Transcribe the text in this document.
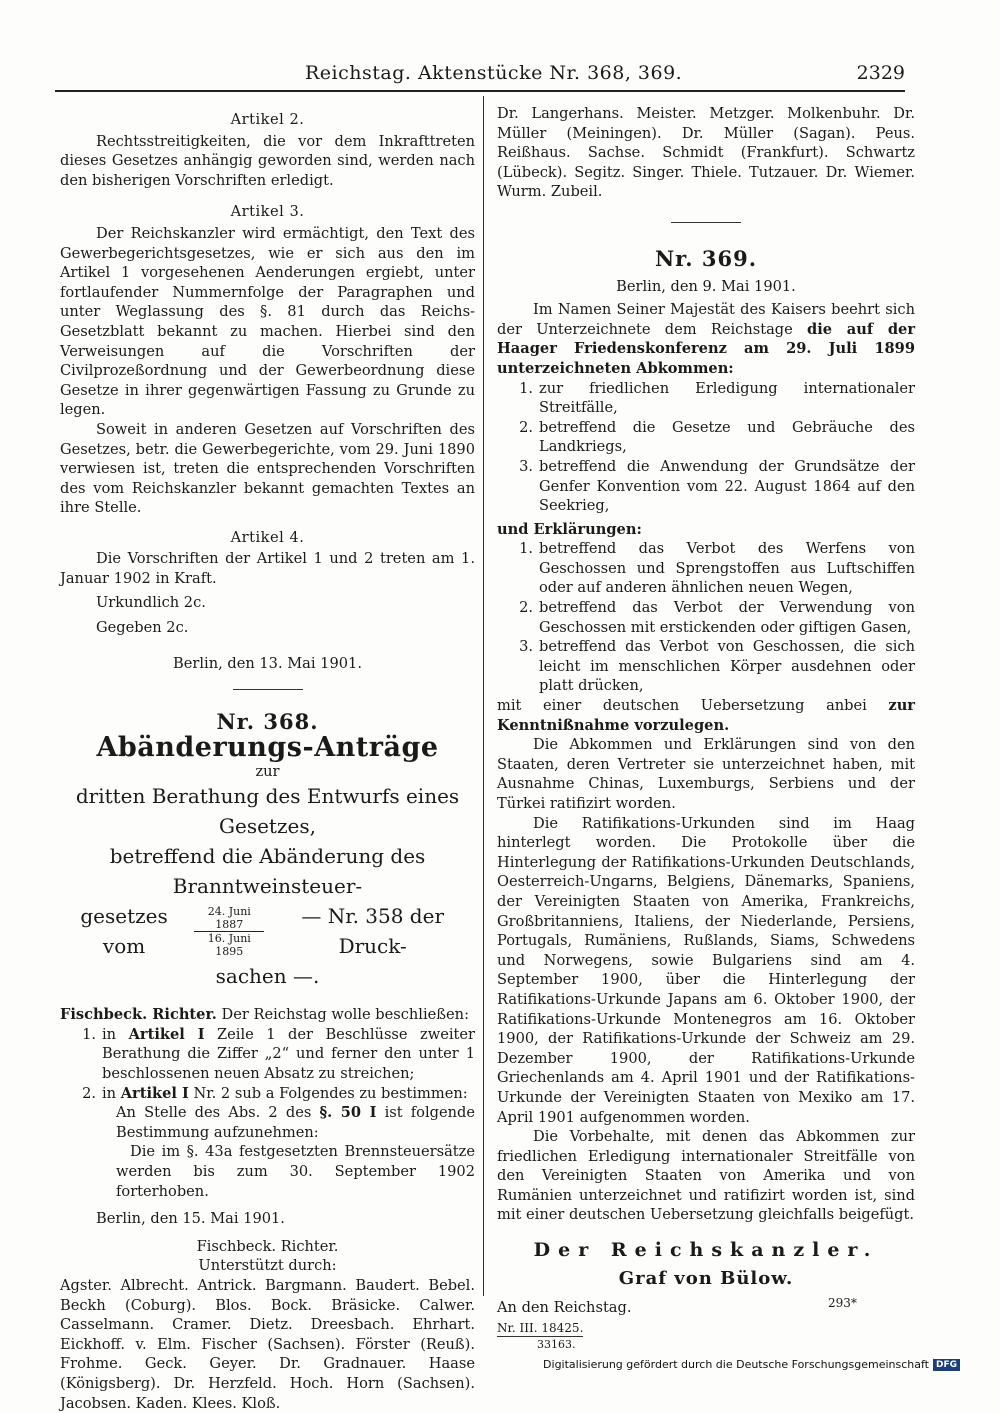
Reichstag. Aktenstücke Nr. 368, 369.	2329
Artikel 2.

Rechtsstreitigkeiten, die vor dem Inkrafttreten dieses Gesetzes anhängig geworden sind, werden nach den bisherigen Vorschriften erledigt.

Artikel 3.

Der Reichskanzler wird ermächtigt, den Text des Gewerbegerichtsgesetzes, wie er sich aus den im Artikel 1 vorgesehenen Aenderungen ergiebt, unter fortlaufender Nummernfolge der Paragraphen und unter Weglassung des §. 81 durch das Reichs-Gesetzblatt bekannt zu machen. Hierbei sind den Verweisungen auf die Vorschriften der Civilprozeßordnung und der Gewerbeordnung diese Gesetze in ihrer gegenwärtigen Fassung zu Grunde zu legen.

Soweit in anderen Gesetzen auf Vorschriften des Gesetzes, betr. die Gewerbegerichte, vom 29. Juni 1890 verwiesen ist, treten die entsprechenden Vorschriften des vom Reichskanzler bekannt gemachten Textes an ihre Stelle.

Artikel 4.

Die Vorschriften der Artikel 1 und 2 treten am 1. Januar 1902 in Kraft.

Urkundlich 2c.

Gegeben 2c.

Berlin, den 13. Mai 1901.

Nr. 368.
Abänderungs-Anträge
zur
dritten Berathung des Entwurfs eines Gesetzes,
betreffend die Abänderung des Branntweinsteuer-
gesetzes vom
24. Juni 1887
16. Juni 1895
— Nr. 358 der Druck-
sachen —.

Fischbeck. Richter. Der Reichstag wolle beschließen:

1. in Artikel I Zeile 1 der Beschlüsse zweiter Berathung die Ziffer „2“ und ferner den unter 1 beschlossenen neuen Absatz zu streichen;
2. in Artikel I Nr. 2 sub a Folgendes zu bestimmen:

An Stelle des Abs. 2 des §. 50 I ist folgende Bestimmung aufzunehmen:

Die im §. 43a festgesetzten Brennsteuersätze werden bis zum 30. September 1902 forterhoben.

Berlin, den 15. Mai 1901.

Fischbeck. Richter.

Unterstützt durch:

Agster. Albrecht. Antrick. Bargmann. Baudert. Bebel. Beckh (Coburg). Blos. Bock. Bräsicke. Calwer. Casselmann. Cramer. Dietz. Dreesbach. Ehrhart. Eickhoff. v. Elm. Fischer (Sachsen). Förster (Reuß). Frohme. Geck. Geyer. Dr. Gradnauer. Haase (Königsberg). Dr. Herzfeld. Hoch. Horn (Sachsen). Jacobsen. Kaden. Klees. Kloß.

Dr. Langerhans. Meister. Metzger. Molkenbuhr. Dr. Müller (Meiningen). Dr. Müller (Sagan). Peus. Reißhaus. Sachse. Schmidt (Frankfurt). Schwartz (Lübeck). Segitz. Singer. Thiele. Tutzauer. Dr. Wiemer. Wurm. Zubeil.

Nr. 369.

Berlin, den 9. Mai 1901.

Im Namen Seiner Majestät des Kaisers beehrt sich der Unterzeichnete dem Reichstage die auf der Haager Friedenskonferenz am 29. Juli 1899 unterzeichneten Abkommen:

1. zur friedlichen Erledigung internationaler Streitfälle,
2. betreffend die Gesetze und Gebräuche des Landkriegs,
3. betreffend die Anwendung der Grundsätze der Genfer Konvention vom 22. August 1864 auf den Seekrieg,

und Erklärungen:

1. betreffend das Verbot des Werfens von Geschossen und Sprengstoffen aus Luftschiffen oder auf anderen ähnlichen neuen Wegen,
2. betreffend das Verbot der Verwendung von Geschossen mit erstickenden oder giftigen Gasen,
3. betreffend das Verbot von Geschossen, die sich leicht im menschlichen Körper ausdehnen oder platt drücken,

mit einer deutschen Uebersetzung anbei zur Kenntnißnahme vorzulegen.

Die Abkommen und Erklärungen sind von den Staaten, deren Vertreter sie unterzeichnet haben, mit Ausnahme Chinas, Luxemburgs, Serbiens und der Türkei ratifizirt worden.

Die Ratifikations-Urkunden sind im Haag hinterlegt worden. Die Protokolle über die Hinterlegung der Ratifikations-Urkunden Deutschlands, Oesterreich-Ungarns, Belgiens, Dänemarks, Spaniens, der Vereinigten Staaten von Amerika, Frankreichs, Großbritanniens, Italiens, der Niederlande, Persiens, Portugals, Rumäniens, Rußlands, Siams, Schwedens und Norwegens, sowie Bulgariens sind am 4. September 1900, über die Hinterlegung der Ratifikations-Urkunde Japans am 6. Oktober 1900, der Ratifikations-Urkunde Montenegros am 16. Oktober 1900, der Ratifikations-Urkunde der Schweiz am 29. Dezember 1900, der Ratifikations-Urkunde Griechenlands am 4. April 1901 und der Ratifikations-Urkunde der Vereinigten Staaten von Mexiko am 17. April 1901 aufgenommen worden.

Die Vorbehalte, mit denen das Abkommen zur friedlichen Erledigung internationaler Streitfälle von den Vereinigten Staaten von Amerika und von Rumänien unterzeichnet und ratifizirt worden ist, sind mit einer deutschen Uebersetzung gleichfalls beigefügt.

Der Reichskanzler.
Graf von Bülow.

An den Reichstag.

Nr. III. 18425.

33163.

293*
Digitalisierung gefördert durch die Deutsche Forschungsgemeinschaft DFG
